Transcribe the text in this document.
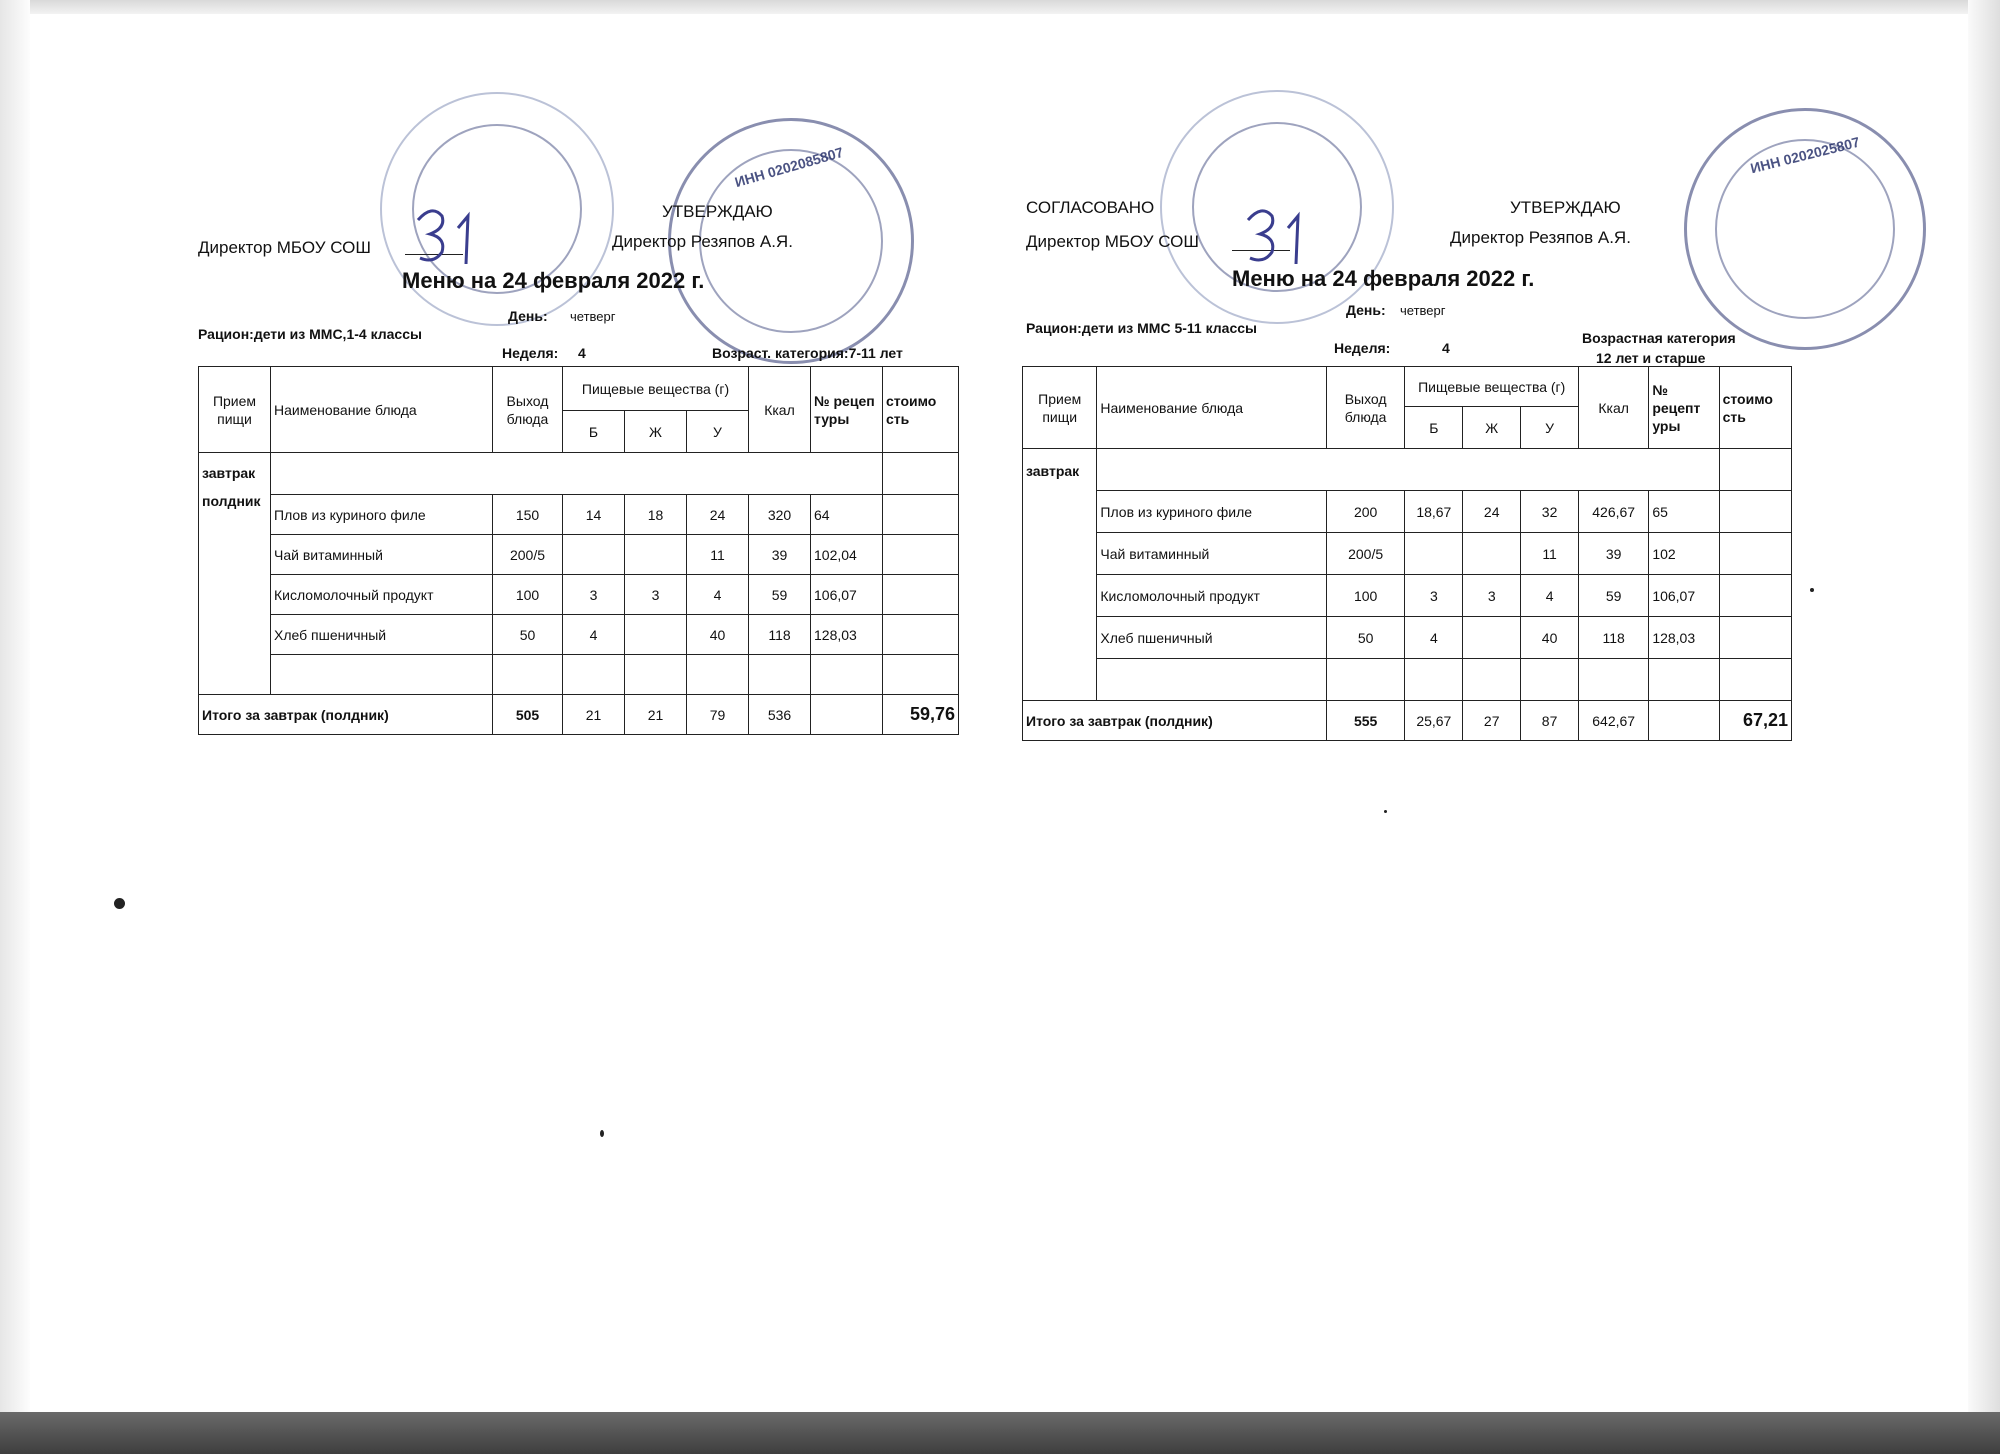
ИНН 0202085807
УТВЕРЖДАЮ
Директор МБОУ СОШ	Директор Резяпов А.Я.
Меню на 24 февраля 2022 г.
День: четверг
Рацион:дети из ММС,1-4 классы
Неделя: 4	Возраст. категория:7-11 лет
Прием пищи	Наименование блюда	Выход блюда	Пищевые вещества (г)			Ккал	№ рецеп туры	стоимо сть
			Б	Ж	У			

завтрак
полдник								

	Плов из куриного филе	150	14	18	24	320	64	
	Чай витаминный	200/5			11	39	102,04	
	Кисломолочный продукт	100	3	3	4	59	106,07	
	Хлеб пшеничный	50	4		40	118	128,03	

Итого за завтрак (полдник)		505	21	21	79	536		59,76
ИНН 0202025807
СОГЛАСОВАНО	УТВЕРЖДАЮ
Директор МБОУ СОШ	Директор Резяпов А.Я.
Меню на 24 февраля 2022 г.
День: четверг
Рацион:дети из ММС 5-11 классы
Неделя:	4
Возрастная категория
12 лет и старше
Прием пищи	Наименование блюда	Выход блюда	Пищевые вещества (г)			Ккал	№ рецепт уры	стоимо сть
			Б	Ж	У			

завтрак								

	Плов из куриного филе	200	18,67	24	32	426,67	65	
	Чай витаминный	200/5			11	39	102	
	Кисломолочный продукт	100	3	3	4	59	106,07	
	Хлеб пшеничный	50	4		40	118	128,03	

Итого за завтрак (полдник)		555	25,67	27	87	642,67		67,21
